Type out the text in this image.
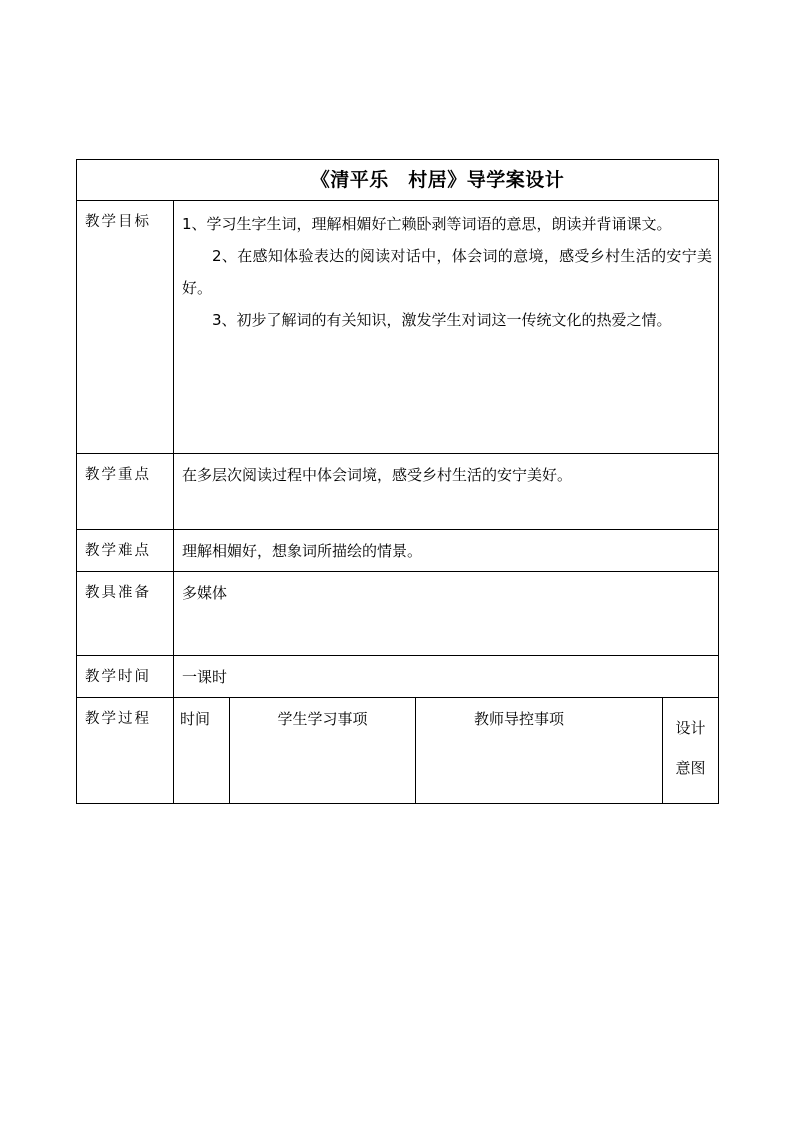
《清平乐　村居》导学案设计				
教学目标	1、学习生字生词，理解相媚好亡赖卧剥等词语的意思，朗读并背诵课文。

2、在感知体验表达的阅读对话中，体会词的意境，感受乡村生活的安宁美好。

3、初步了解词的有关知识，激发学生对词这一传统文化的热爱之情。			

教学重点	在多层次阅读过程中体会词境，感受乡村生活的安宁美好。			
教学难点	理解相媚好，想象词所描绘的情景。			
教具准备	多媒体			
教学时间	一课时			
教学过程	时间	学生学习事项	教师导控事项	设计
意图
